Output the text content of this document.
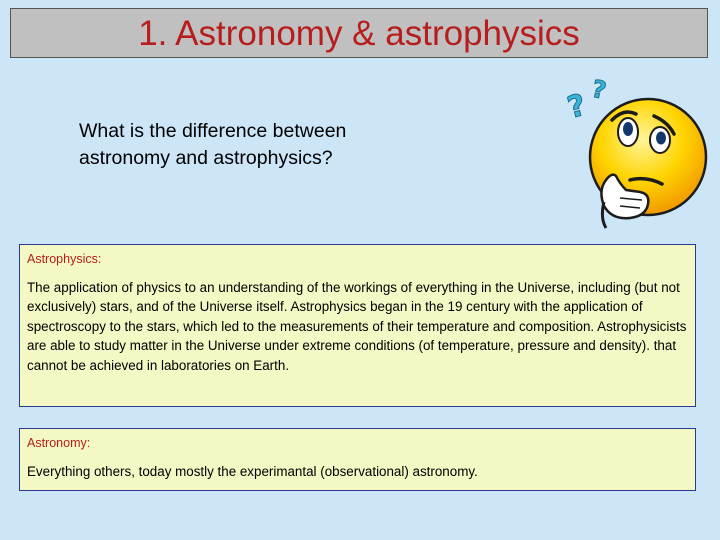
1. Astronomy & astrophysics
What is the difference between astronomy and astrophysics?
? ?

Astrophysics:

The application of physics to an understanding of the workings of everything in the Universe, including (but not exclusively) stars, and of the Universe itself. Astrophysics began in the 19 century with the application of spectroscopy to the stars, which led to the measurements of their temperature and composition. Astrophysicists are able to study matter in the Universe under extreme conditions (of temperature, pressure and density). that cannot be achieved in laboratories on Earth.

Astronomy:

Everything others, today mostly the experimantal (observational) astronomy.
